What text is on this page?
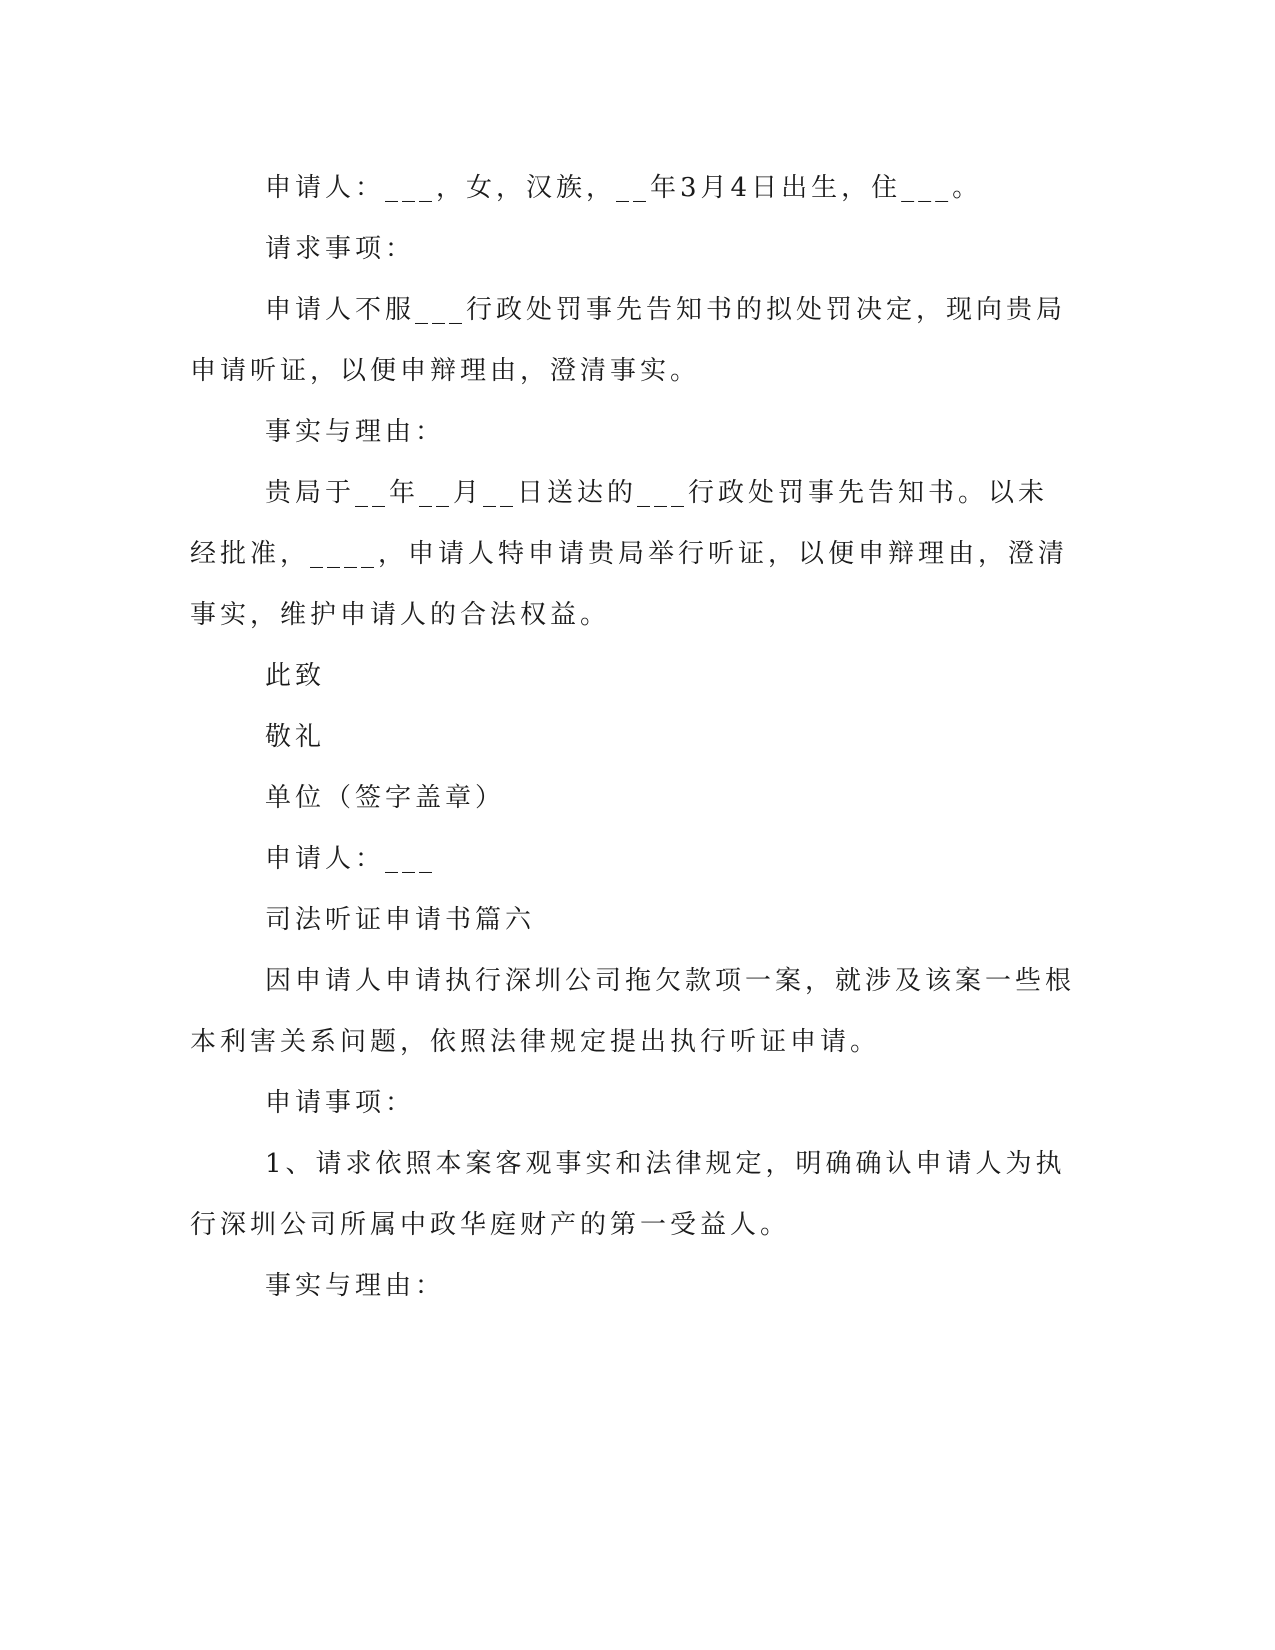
申请人：___，女，汉族，__年3月4日出生，住___。

请求事项：

申请人不服___行政处罚事先告知书的拟处罚决定，现向贵局申请听证，以便申辩理由，澄清事实。

事实与理由：

贵局于__年__月__日送达的___行政处罚事先告知书。以未经批准，____，申请人特申请贵局举行听证，以便申辩理由，澄清事实，维护申请人的合法权益。

此致

敬礼

单位（签字盖章）

申请人：___

司法听证申请书篇六

因申请人申请执行深圳公司拖欠款项一案，就涉及该案一些根本利害关系问题，依照法律规定提出执行听证申请。

申请事项：

1、请求依照本案客观事实和法律规定，明确确认申请人为执行深圳公司所属中政华庭财产的第一受益人。

事实与理由：
